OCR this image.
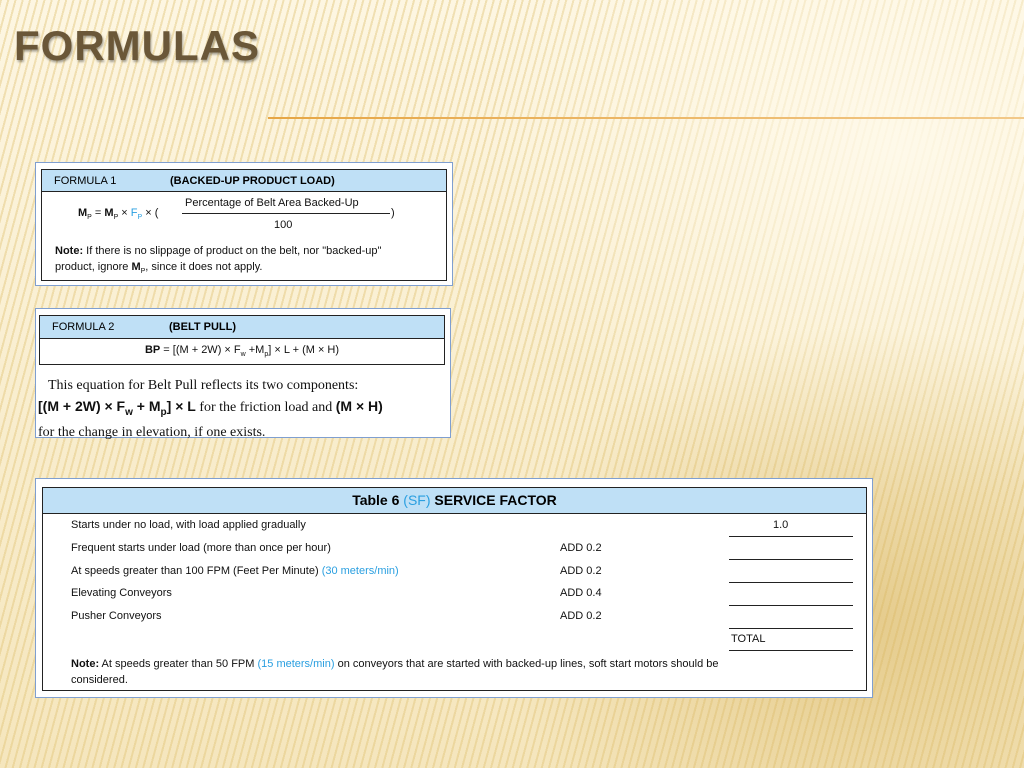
FORMULAS
FORMULA 1	(BACKED-UP PRODUCT LOAD)
$M_P = M_P \times F_P$ × (
Percentage of Belt Area Backed-Up
100
)
Note: If there is no slippage of product on the belt, nor "backed-up"
product, ignore $M_P$, since it does not apply.
FORMULA 2	(BELT PULL)
BP = $[(M + 2W) \times F_w +M_p] \times L + (M \times H)$
This equation for Belt Pull reflects its two components:
$[(M + 2W) \times F_w + M_p] \times L$ for the friction load and (M × H)
for the change in elevation, if one exists.
Table 6 (SF) SERVICE FACTOR
Starts under no load, with load applied gradually	1.0
Frequent starts under load (more than once per hour)	ADD 0.2
At speeds greater than 100 FPM (Feet Per Minute) (30 meters/min)	ADD 0.2
Elevating Conveyors	ADD 0.4
Pusher Conveyors	ADD 0.2
TOTAL
Note: At speeds greater than 50 FPM (15 meters/min) on conveyors that are started with backed-up lines, soft start motors should be
considered.
